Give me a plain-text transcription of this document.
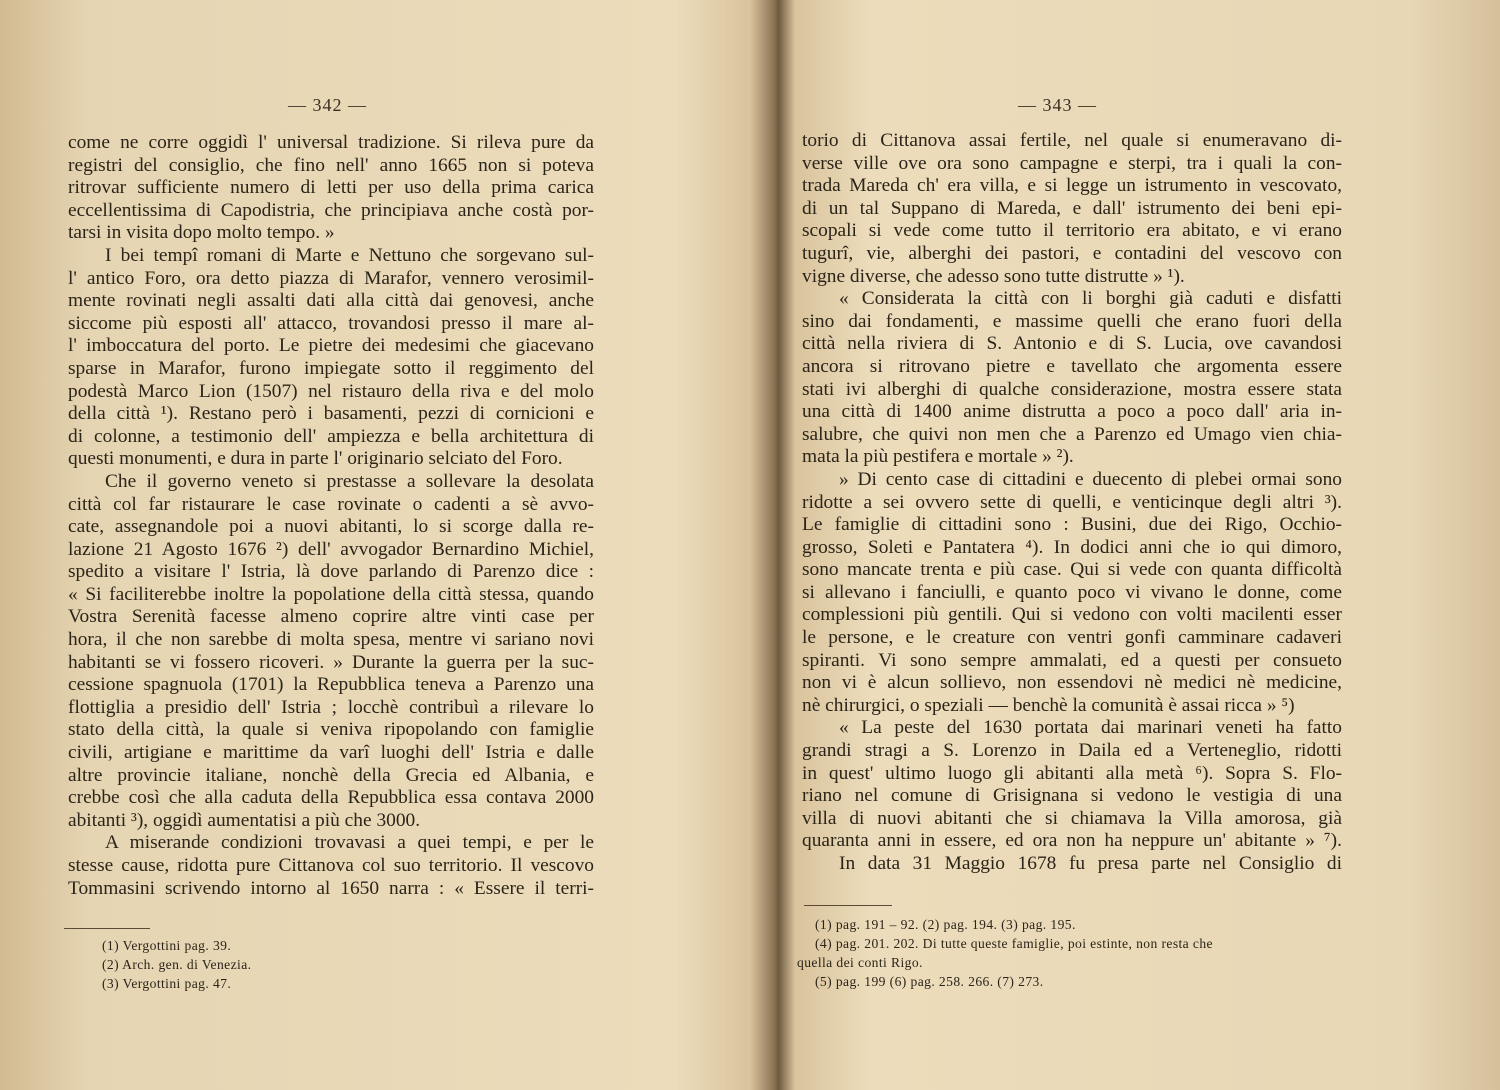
— 342 —
come ne corre oggidì l' universal tradizione. Si rileva pure da
registri del consiglio, che fino nell' anno 1665 non si poteva
ritrovar sufficiente numero di letti per uso della prima carica
eccellentissima di Capodistria, che principiava anche costà por-
tarsi in visita dopo molto tempo. »
I bei tempî romani di Marte e Nettuno che sorgevano sul-
l' antico Foro, ora detto piazza di Marafor, vennero verosimil-
mente rovinati negli assalti dati alla città dai genovesi, anche
siccome più esposti all' attacco, trovandosi presso il mare al-
l' imboccatura del porto. Le pietre dei medesimi che giacevano
sparse in Marafor, furono impiegate sotto il reggimento del
podestà Marco Lion (1507) nel ristauro della riva e del molo
della città ¹). Restano però i basamenti, pezzi di cornicioni e
di colonne, a testimonio dell' ampiezza e bella architettura di
questi monumenti, e dura in parte l' originario selciato del Foro.
Che il governo veneto si prestasse a sollevare la desolata
città col far ristaurare le case rovinate o cadenti a sè avvo-
cate, assegnandole poi a nuovi abitanti, lo si scorge dalla re-
lazione 21 Agosto 1676 ²) dell' avvogador Bernardino Michiel,
spedito a visitare l' Istria, là dove parlando di Parenzo dice :
« Si faciliterebbe inoltre la popolatione della città stessa, quando
Vostra Serenità facesse almeno coprire altre vinti case per
hora, il che non sarebbe di molta spesa, mentre vi sariano novi
habitanti se vi fossero ricoveri. » Durante la guerra per la suc-
cessione spagnuola (1701) la Repubblica teneva a Parenzo una
flottiglia a presidio dell' Istria ; locchè contribuì a rilevare lo
stato della città, la quale si veniva ripopolando con famiglie
civili, artigiane e marittime da varî luoghi dell' Istria e dalle
altre provincie italiane, nonchè della Grecia ed Albania, e
crebbe così che alla caduta della Repubblica essa contava 2000
abitanti ³), oggidì aumentatisi a più che 3000.
A miserande condizioni trovavasi a quei tempi, e per le
stesse cause, ridotta pure Cittanova col suo territorio. Il vescovo
Tommasini scrivendo intorno al 1650 narra : « Essere il terri-
(1) Vergottini pag. 39.
(2) Arch. gen. di Venezia.
(3) Vergottini pag. 47.
— 343 —
torio di Cittanova assai fertile, nel quale si enumeravano di-
verse ville ove ora sono campagne e sterpi, tra i quali la con-
trada Mareda ch' era villa, e si legge un istrumento in vescovato,
di un tal Suppano di Mareda, e dall' istrumento dei beni epi-
scopali si vede come tutto il territorio era abitato, e vi erano
tugurî, vie, alberghi dei pastori, e contadini del vescovo con
vigne diverse, che adesso sono tutte distrutte » ¹).
« Considerata la città con li borghi già caduti e disfatti
sino dai fondamenti, e massime quelli che erano fuori della
città nella riviera di S. Antonio e di S. Lucia, ove cavandosi
ancora si ritrovano pietre e tavellato che argomenta essere
stati ivi alberghi di qualche considerazione, mostra essere stata
una città di 1400 anime distrutta a poco a poco dall' aria in-
salubre, che quivi non men che a Parenzo ed Umago vien chia-
mata la più pestifera e mortale » ²).
» Di cento case di cittadini e duecento di plebei ormai sono
ridotte a sei ovvero sette di quelli, e venticinque degli altri ³).
Le famiglie di cittadini sono : Busini, due dei Rigo, Occhio-
grosso, Soleti e Pantatera ⁴). In dodici anni che io qui dimoro,
sono mancate trenta e più case. Qui si vede con quanta difficoltà
si allevano i fanciulli, e quanto poco vi vivano le donne, come
complessioni più gentili. Qui si vedono con volti macilenti esser
le persone, e le creature con ventri gonfi camminare cadaveri
spiranti. Vi sono sempre ammalati, ed a questi per consueto
non vi è alcun sollievo, non essendovi nè medici nè medicine,
nè chirurgici, o speziali — benchè la comunità è assai ricca » ⁵)
« La peste del 1630 portata dai marinari veneti ha fatto
grandi stragi a S. Lorenzo in Daila ed a Verteneglio, ridotti
in quest' ultimo luogo gli abitanti alla metà ⁶). Sopra S. Flo-
riano nel comune di Grisignana si vedono le vestigia di una
villa di nuovi abitanti che si chiamava la Villa amorosa, già
quaranta anni in essere, ed ora non ha neppure un' abitante » ⁷).
In data 31 Maggio 1678 fu presa parte nel Consiglio di
(1) pag. 191 – 92. (2) pag. 194. (3) pag. 195.
(4) pag. 201. 202. Di tutte queste famiglie, poi estinte, non resta che
quella dei conti Rigo.
(5) pag. 199 (6) pag. 258. 266. (7) 273.
